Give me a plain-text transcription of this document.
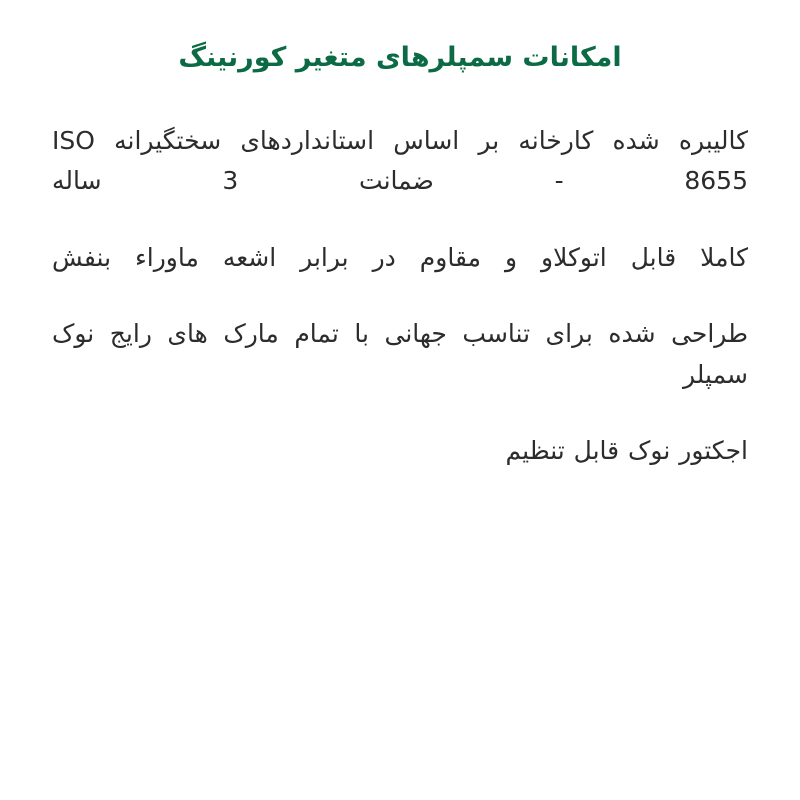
امکانات سمپلرهای متغیر کورنینگ

کالیبره شده کارخانه بر اساس استانداردهای سختگیرانه ISO 8655 - ضمانت 3 ساله

کاملا قابل اتوکلاو و مقاوم در برابر اشعه ماوراء بنفش

طراحی شده برای تناسب جهانی با تمام مارک های رایج نوک سمپلر

اجکتور نوک قابل تنظیم
